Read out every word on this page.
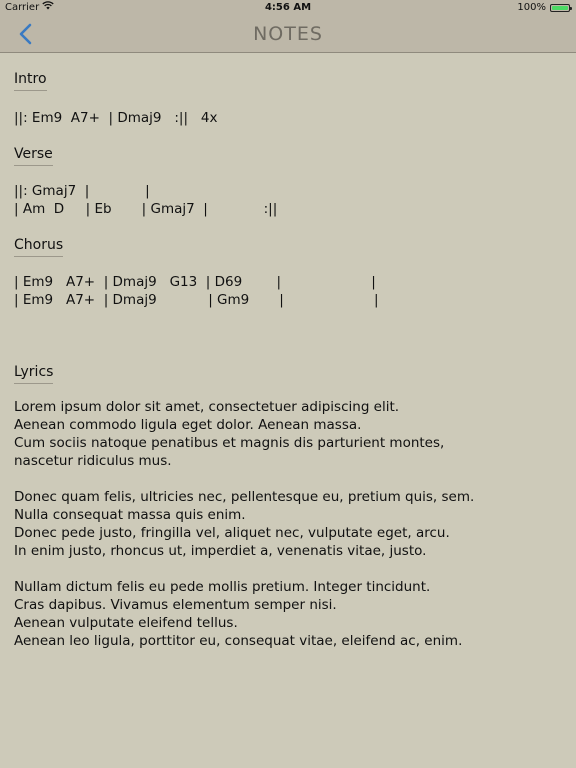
Carrier	4:56 AM	100%
NOTES
Intro
||: Em9  A7+  | Dmaj9   :||   4x
Verse
||: Gmaj7  |             |
| Am  D     | Eb       | Gmaj7  |             :||
Chorus
| Em9   A7+  | Dmaj9   G13  | D69        |                     |
| Em9   A7+  | Dmaj9            | Gm9       |                     |
Lyrics

Lorem ipsum dolor sit amet, consectetuer adipiscing elit.

Aenean commodo ligula eget dolor. Aenean massa.

Cum sociis natoque penatibus et magnis dis parturient montes,

nascetur ridiculus mus.

Donec quam felis, ultricies nec, pellentesque eu, pretium quis, sem.

Nulla consequat massa quis enim.

Donec pede justo, fringilla vel, aliquet nec, vulputate eget, arcu.

In enim justo, rhoncus ut, imperdiet a, venenatis vitae, justo.

Nullam dictum felis eu pede mollis pretium. Integer tincidunt.

Cras dapibus. Vivamus elementum semper nisi.

Aenean vulputate eleifend tellus.

Aenean leo ligula, porttitor eu, consequat vitae, eleifend ac, enim.
